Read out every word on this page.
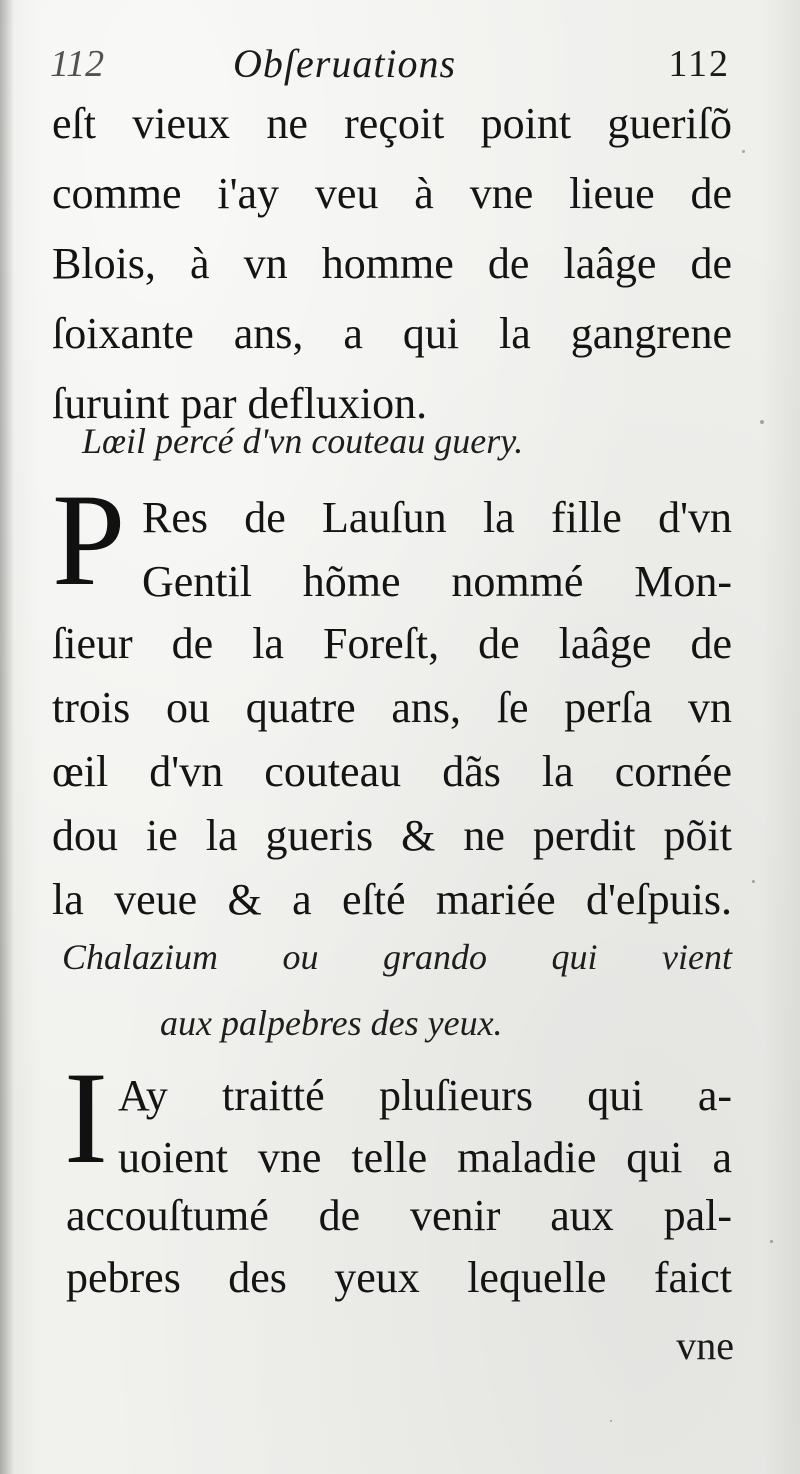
112	Obſeruations	112
eſt vieux ne reçoit point gueriſõ
comme i'ay veu à vne lieue de
Blois, à vn homme de laâge de
ſoixante ans, a qui la gangrene
ſuruint par defluxion.
Lœil percé d'vn couteau guery.
P Res de Lauſun la fille d'vn
Gentil hõme nommé Mon-
ſieur de la Foreſt, de laâge de
trois ou quatre ans, ſe perſa vn
œil d'vn couteau dãs la cornée
dou ie la gueris & ne perdit põit
la veue & a eſté mariée d'eſpuis.
Chalazium ou grando qui vient
aux palpebres des yeux.
I Ay traitté pluſieurs qui a-
uoient vne telle maladie qui a
accouſtumé de venir aux pal-
pebres des yeux lequelle faict
vne
